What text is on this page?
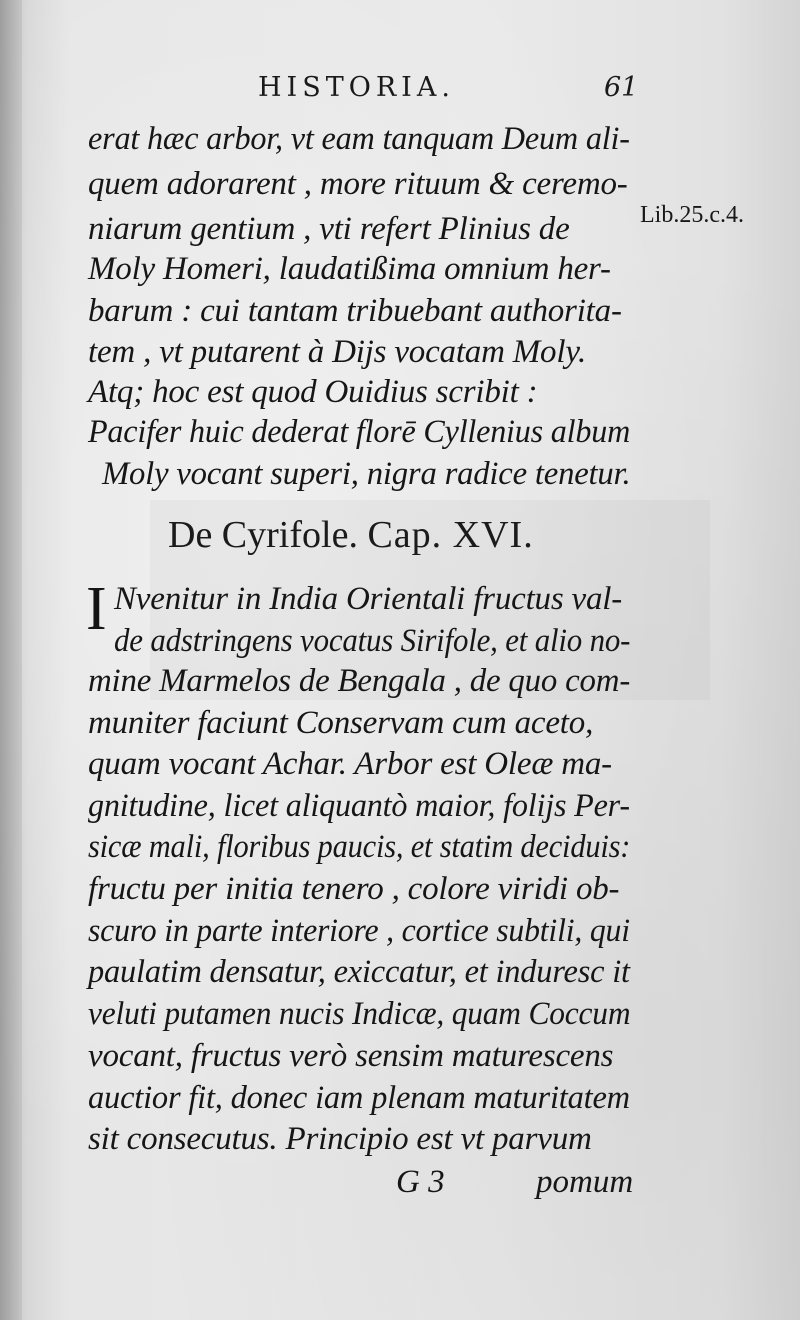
HISTORIA.	61
erat hæc arbor, vt eam tanquam Deum ali-
quem adorarent , more rituum & ceremo-
niarum gentium , vti refert Plinius de
Moly Homeri, laudatißima omnium her-
barum : cui tantam tribuebant authorita-
tem , vt putarent à Dijs vocatam Moly.
Atq; hoc est quod Ouidius scribit :
Pacifer huic dederat florē Cyllenius album
Moly vocant superi, nigra radice tenetur.
Lib.25.c.4.
De Cyrifole. Cap. XVI.
I Nvenitur in India Orientali fructus val-
de adstringens vocatus Sirifole, et alio no-
mine Marmelos de Bengala , de quo com-
muniter faciunt Conservam cum aceto,
quam vocant Achar. Arbor est Oleæ ma-
gnitudine, licet aliquantò maior, folijs Per-
sicæ mali, floribus paucis, et statim deciduis:
fructu per initia tenero , colore viridi ob-
scuro in parte interiore , cortice subtili, qui
paulatim densatur, exiccatur, et induresc it
veluti putamen nucis Indicæ, quam Coccum
vocant, fructus verò sensim maturescens
auctior fit, donec iam plenam maturitatem
sit consecutus. Principio est vt parvum
G 3	pomum
